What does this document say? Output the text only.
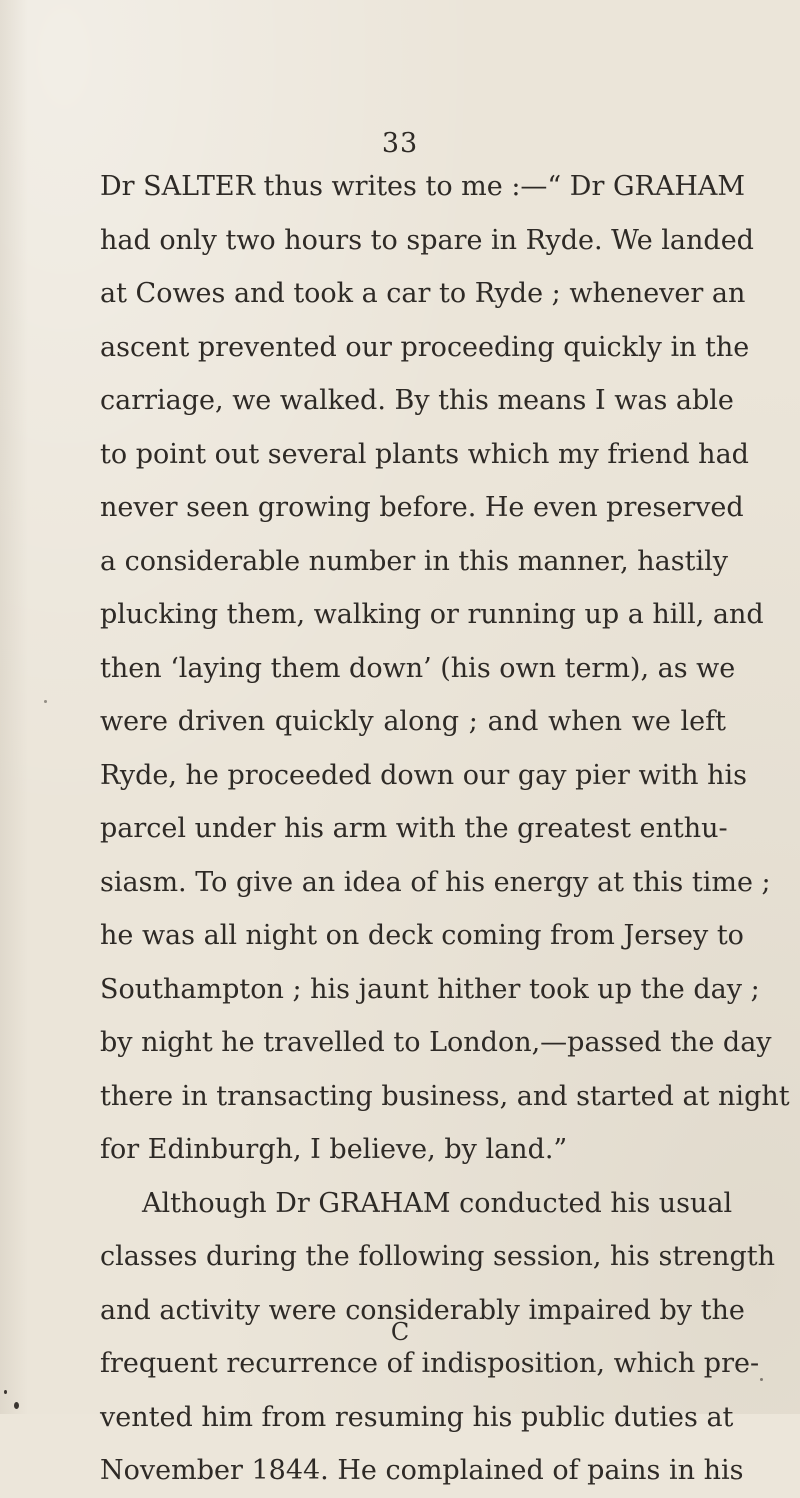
33
Dr SALTER thus writes to me :—“ Dr GRAHAM
had only two hours to spare in Ryde. We landed
at Cowes and took a car to Ryde ; whenever an
ascent prevented our proceeding quickly in the
carriage, we walked. By this means I was able
to point out several plants which my friend had
never seen growing before. He even preserved
a considerable number in this manner, hastily
plucking them, walking or running up a hill, and
then ‘laying them down’ (his own term), as we
were driven quickly along ; and when we left
Ryde, he proceeded down our gay pier with his
parcel under his arm with the greatest enthu-
siasm. To give an idea of his energy at this time ;
he was all night on deck coming from Jersey to
Southampton ; his jaunt hither took up the day ;
by night he travelled to London,—passed the day
there in transacting business, and started at night
for Edinburgh, I believe, by land.”
Although Dr GRAHAM conducted his usual
classes during the following session, his strength
and activity were considerably impaired by the
frequent recurrence of indisposition, which pre-
vented him from resuming his public duties at
November 1844. He complained of pains in his
C
